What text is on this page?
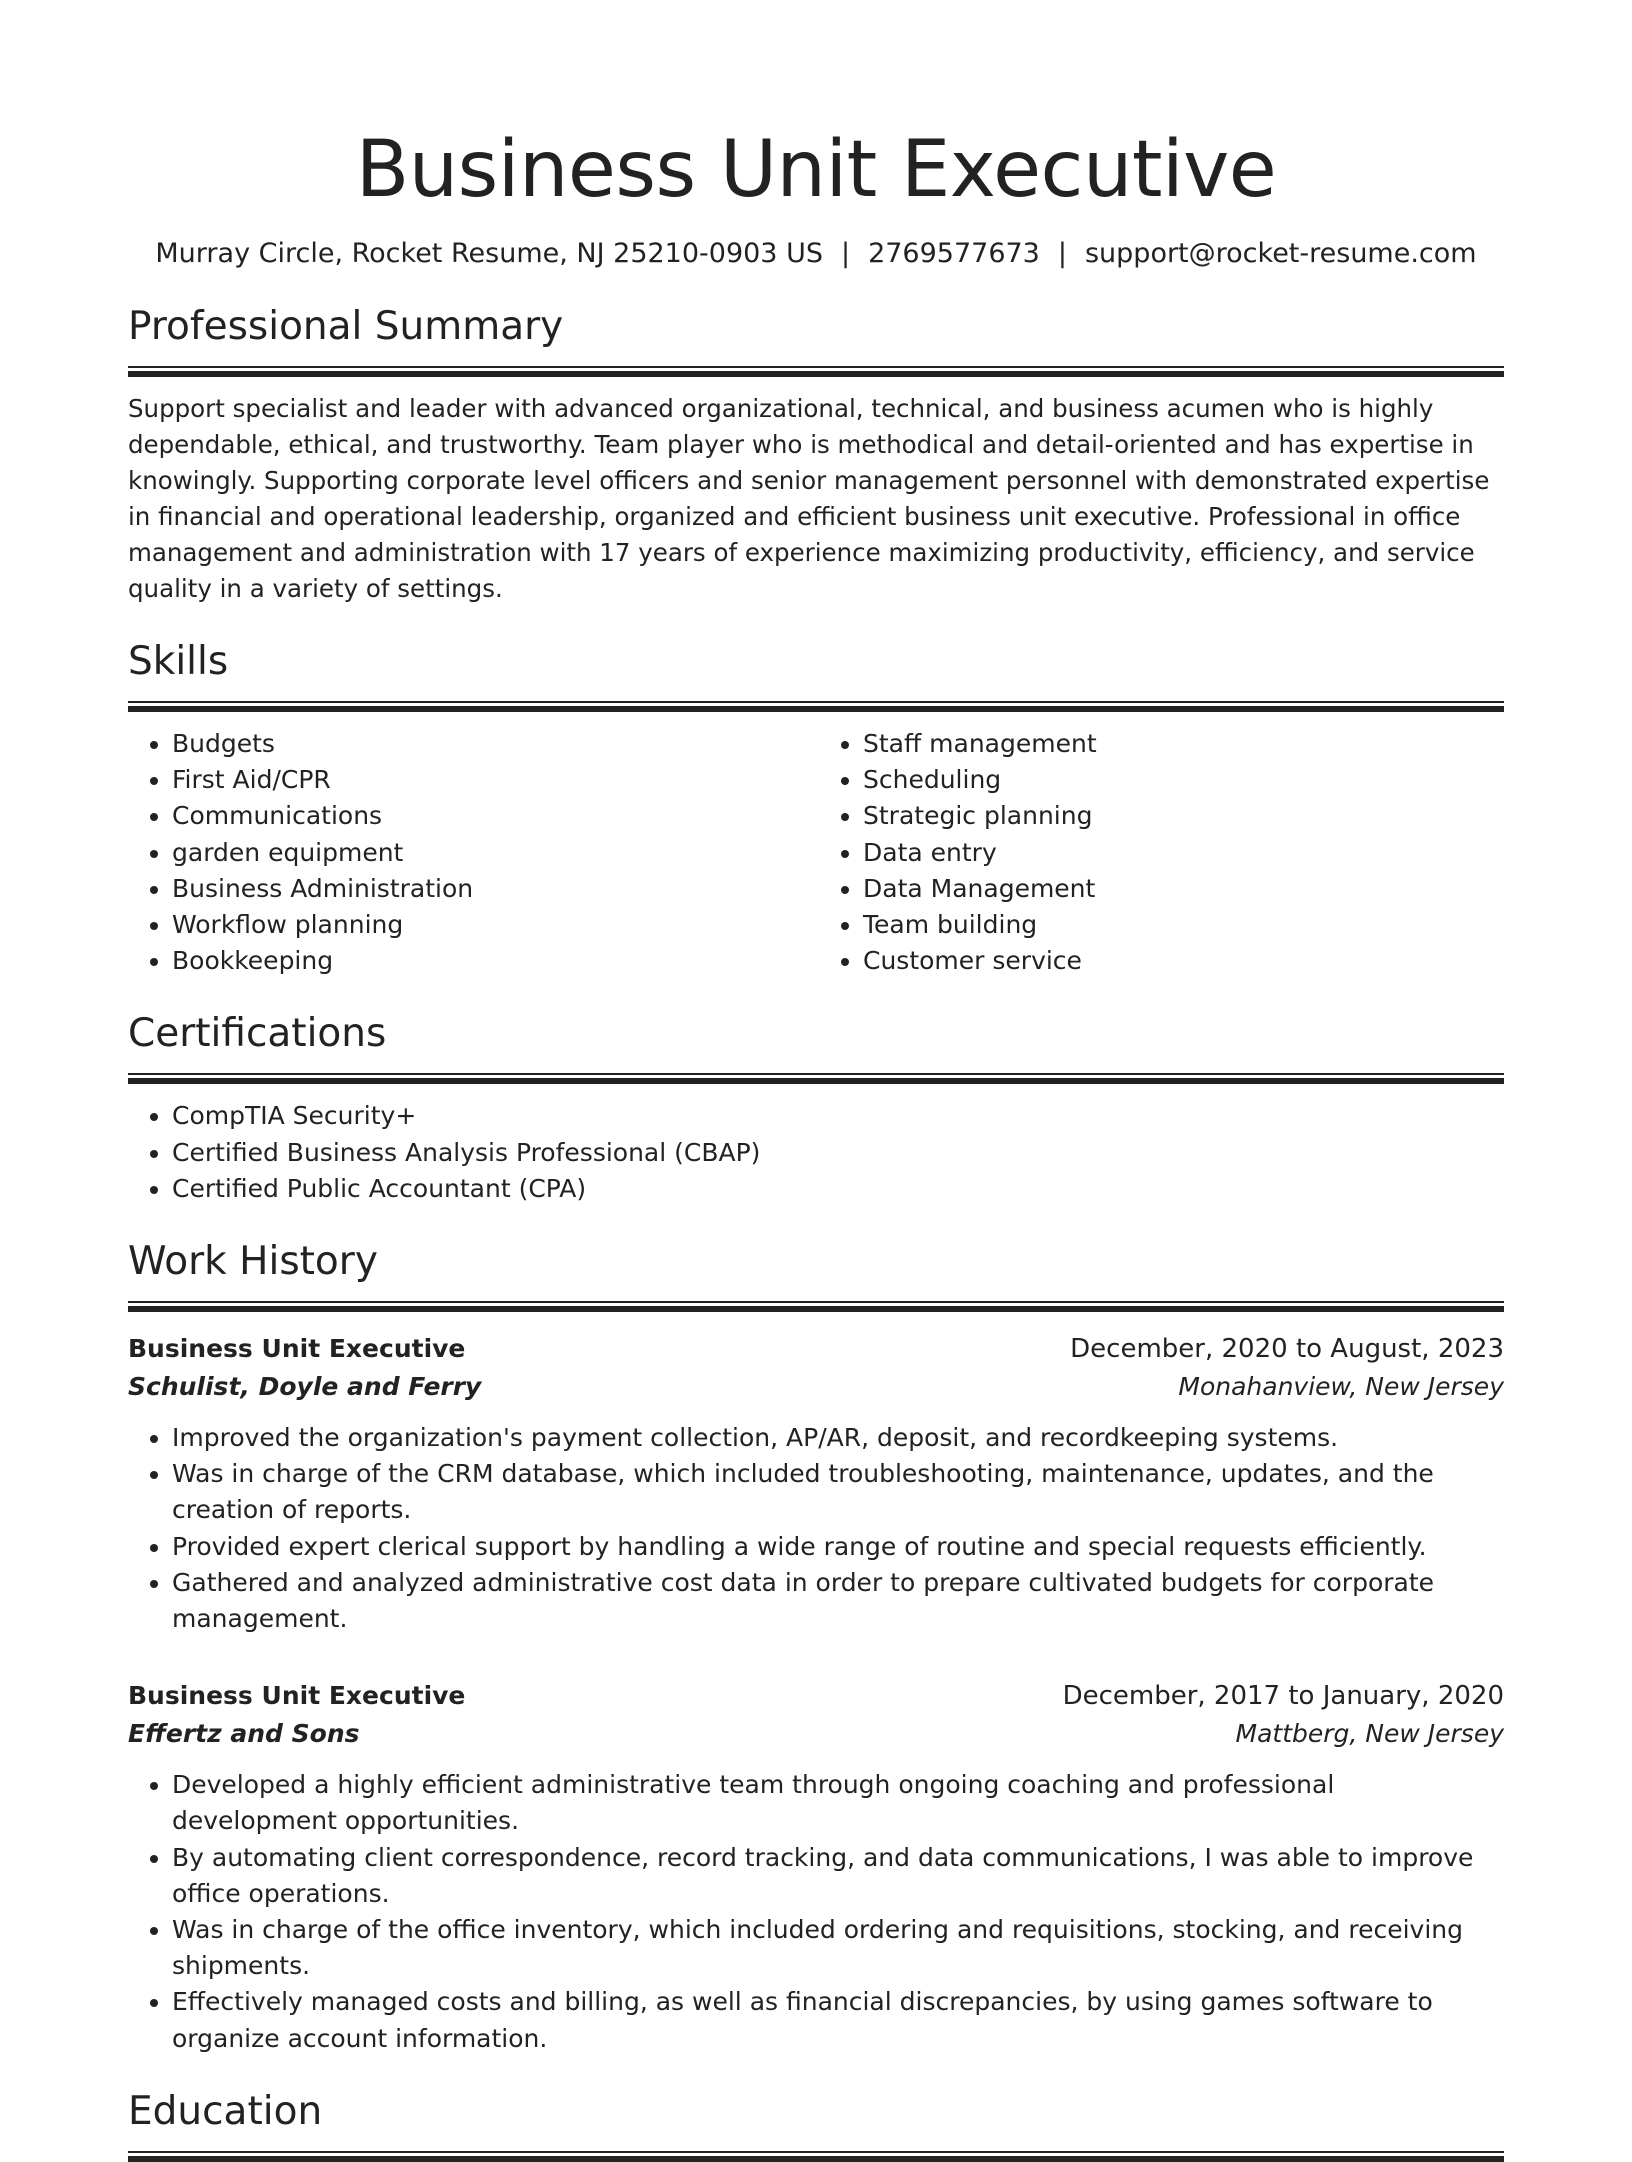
Business Unit Executive
Murray Circle, Rocket Resume, NJ 25210-0903 US | 2769577673 | support@rocket-resume.com
Professional Summary
Support specialist and leader with advanced organizational, technical, and business acumen who is highly dependable, ethical, and trustworthy. Team player who is methodical and detail-oriented and has expertise in knowingly. Supporting corporate level officers and senior management personnel with demonstrated expertise in financial and operational leadership, organized and efficient business unit executive. Professional in office management and administration with 17 years of experience maximizing productivity, efficiency, and service quality in a variety of settings.
Skills
• Budgets
• First Aid/CPR
• Communications
• garden equipment
• Business Administration
• Workflow planning
• Bookkeeping
• Staff management
• Scheduling
• Strategic planning
• Data entry
• Data Management
• Team building
• Customer service
Certifications
• CompTIA Security+
• Certified Business Analysis Professional (CBAP)
• Certified Public Accountant (CPA)
Work History
Business Unit Executive	December, 2020 to August, 2023
Schulist, Doyle and Ferry	Monahanview, New Jersey
• Improved the organization's payment collection, AP/AR, deposit, and recordkeeping systems.
• Was in charge of the CRM database, which included troubleshooting, maintenance, updates, and the creation of reports.
• Provided expert clerical support by handling a wide range of routine and special requests efficiently.
• Gathered and analyzed administrative cost data in order to prepare cultivated budgets for corporate management.
Business Unit Executive	December, 2017 to January, 2020
Effertz and Sons	Mattberg, New Jersey
• Developed a highly efficient administrative team through ongoing coaching and professional development opportunities.
• By automating client correspondence, record tracking, and data communications, I was able to improve office operations.
• Was in charge of the office inventory, which included ordering and requisitions, stocking, and receiving shipments.
• Effectively managed costs and billing, as well as financial discrepancies, by using games software to organize account information.
Education
